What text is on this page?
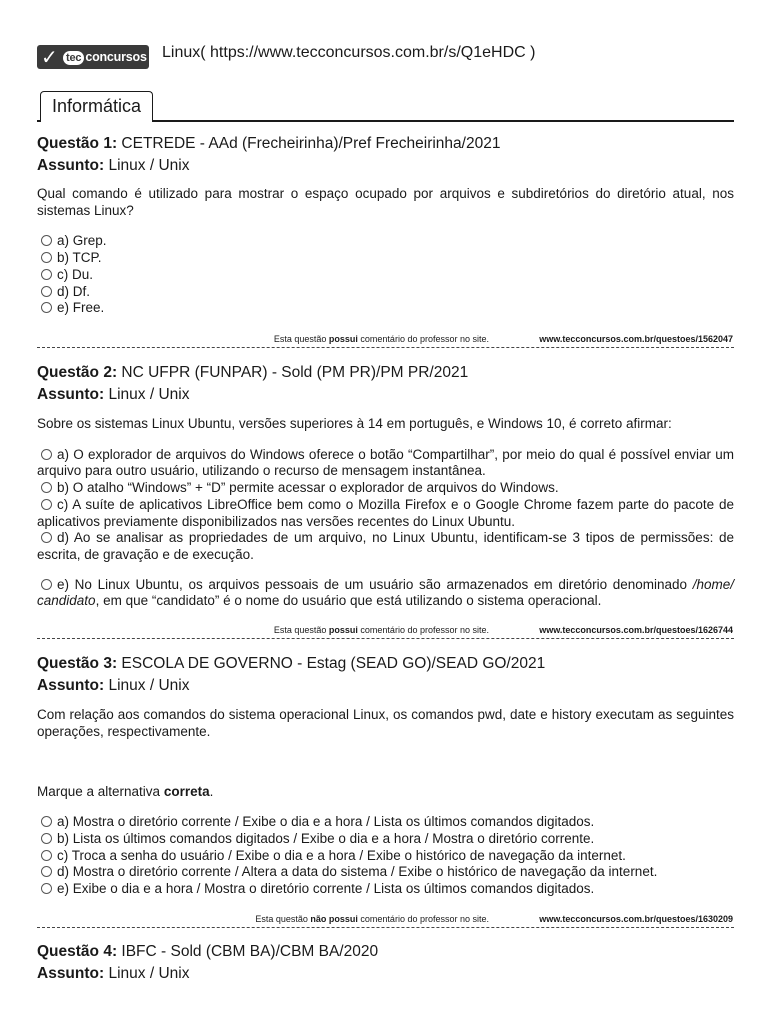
✓ tec concursos Linux( https://www.tecconcursos.com.br/s/Q1eHDC )
Informática
Questão 1: CETREDE - AAd (Frecheirinha)/Pref Frecheirinha/2021
Assunto: Linux / Unix
Qual comando é utilizado para mostrar o espaço ocupado por arquivos e subdiretórios do diretório atual, nos sistemas Linux?
a) Grep.
b) TCP.
c) Du.
d) Df.
e) Free.
Esta questão possui comentário do professor no site.	www.tecconcursos.com.br/questoes/1562047
Questão 2: NC UFPR (FUNPAR) - Sold (PM PR)/PM PR/2021
Assunto: Linux / Unix
Sobre os sistemas Linux Ubuntu, versões superiores à 14 em português, e Windows 10, é correto afirmar:
a) O explorador de arquivos do Windows oferece o botão “Compartilhar”, por meio do qual é possível enviar um arquivo para outro usuário, utilizando o recurso de mensagem instantânea.
b) O atalho “Windows” + “D” permite acessar o explorador de arquivos do Windows.
c) A suíte de aplicativos LibreOffice bem como o Mozilla Firefox e o Google Chrome fazem parte do pacote de aplicativos previamente disponibilizados nas versões recentes do Linux Ubuntu.
d) Ao se analisar as propriedades de um arquivo, no Linux Ubuntu, identificam-se 3 tipos de permissões: de escrita, de gravação e de execução.
e) No Linux Ubuntu, os arquivos pessoais de um usuário são armazenados em diretório denominado /home/ candidato, em que “candidato” é o nome do usuário que está utilizando o sistema operacional.
Esta questão possui comentário do professor no site.	www.tecconcursos.com.br/questoes/1626744
Questão 3: ESCOLA DE GOVERNO - Estag (SEAD GO)/SEAD GO/2021
Assunto: Linux / Unix
Com relação aos comandos do sistema operacional Linux, os comandos pwd, date e history executam as seguintes operações, respectivamente.
Marque a alternativa correta.
a) Mostra o diretório corrente / Exibe o dia e a hora / Lista os últimos comandos digitados.
b) Lista os últimos comandos digitados / Exibe o dia e a hora / Mostra o diretório corrente.
c) Troca a senha do usuário / Exibe o dia e a hora / Exibe o histórico de navegação da internet.
d) Mostra o diretório corrente / Altera a data do sistema / Exibe o histórico de navegação da internet.
e) Exibe o dia e a hora / Mostra o diretório corrente / Lista os últimos comandos digitados.
Esta questão não possui comentário do professor no site.	www.tecconcursos.com.br/questoes/1630209
Questão 4: IBFC - Sold (CBM BA)/CBM BA/2020
Assunto: Linux / Unix
